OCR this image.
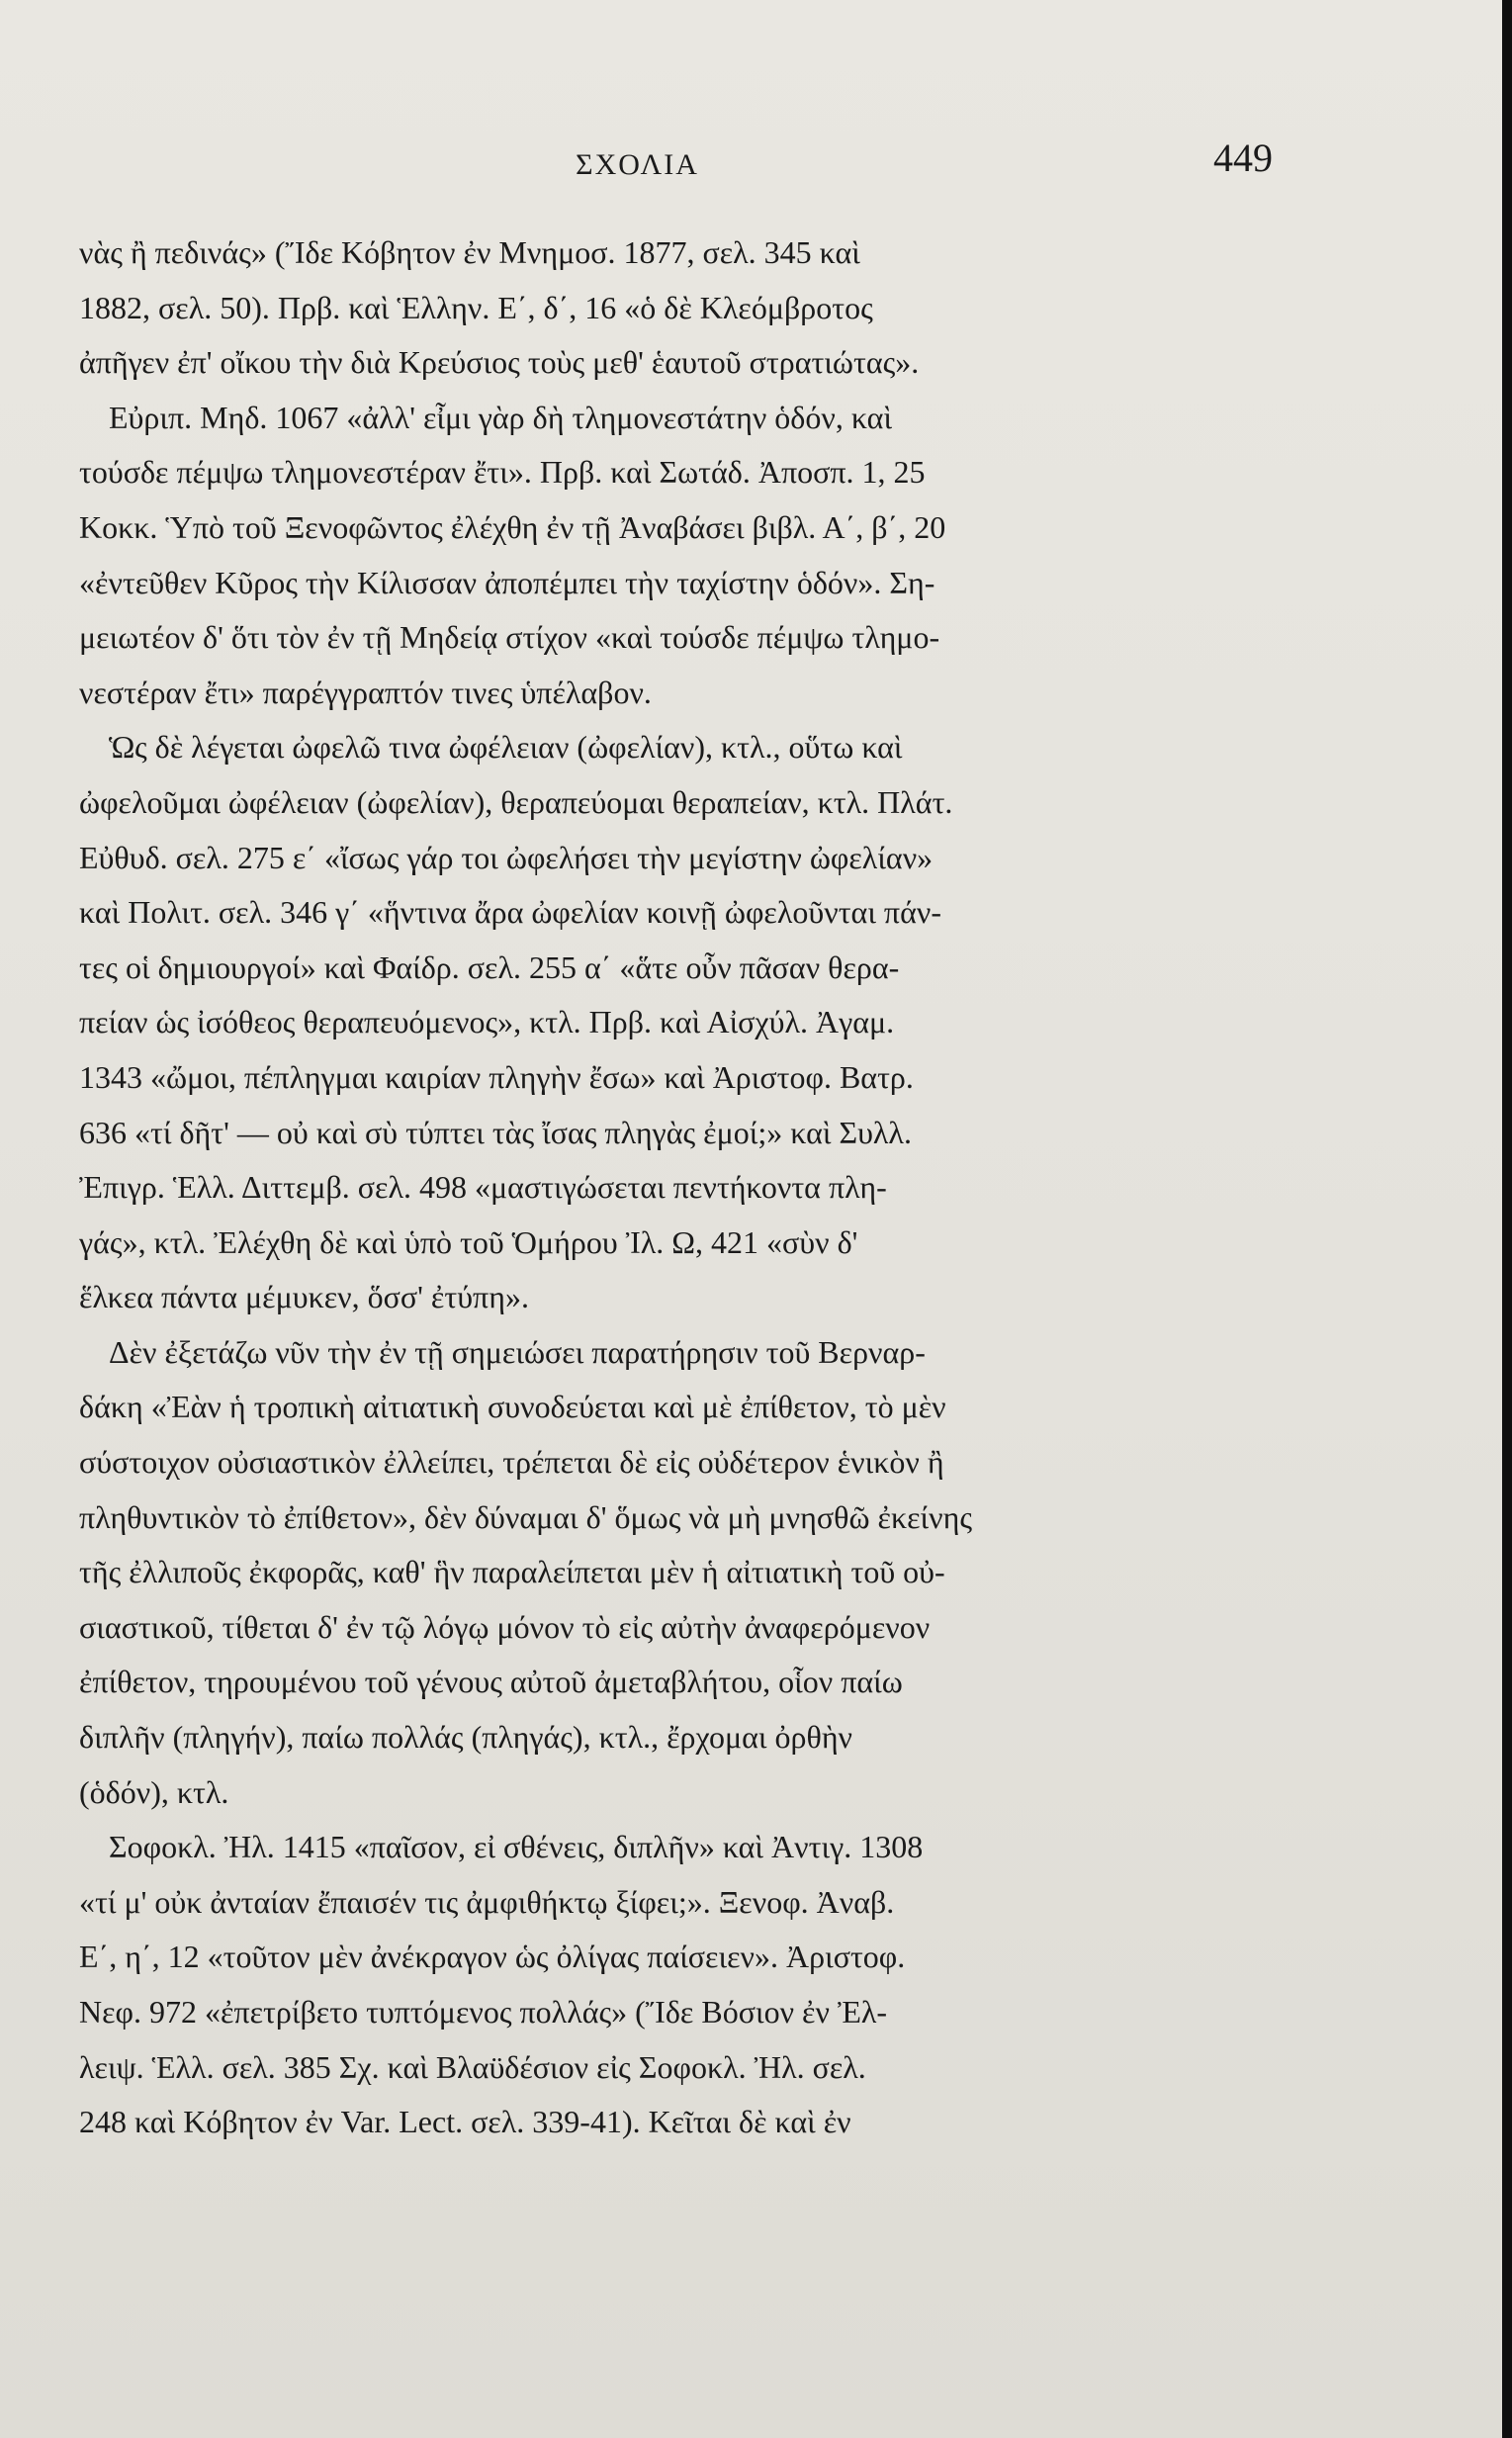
ΣΧΟΛΙΑ	449
νὰς ἢ πεδινάς» (Ἴδε Κόβητον ἐν Μνημοσ. 1877, σελ. 345 καὶ
1882, σελ. 50). Πρβ. καὶ Ἑλλην. Ε΄, δ΄, 16 «ὁ δὲ Κλεόμβροτος
ἀπῆγεν ἐπ' οἴκου τὴν διὰ Κρεύσιος τοὺς μεθ' ἑαυτοῦ στρατιώτας».
Εὐριπ. Μηδ. 1067 «ἀλλ' εἶμι γὰρ δὴ τλημονεστάτην ὁδόν, καὶ
τούσδε πέμψω τλημονεστέραν ἔτι». Πρβ. καὶ Σωτάδ. Ἀποσπ. 1, 25
Κοκκ. Ὑπὸ τοῦ Ξενοφῶντος ἐλέχθη ἐν τῇ Ἀναβάσει βιβλ. Α΄, β΄, 20
«ἐντεῦθεν Κῦρος τὴν Κίλισσαν ἀποπέμπει τὴν ταχίστην ὁδόν». Ση-
μειωτέον δ' ὅτι τὸν ἐν τῇ Μηδείᾳ στίχον «καὶ τούσδε πέμψω τλημο-
νεστέραν ἔτι» παρέγγραπτόν τινες ὑπέλαβον.
Ὡς δὲ λέγεται ὠφελῶ τινα ὠφέλειαν (ὠφελίαν), κτλ., οὕτω καὶ
ὠφελοῦμαι ὠφέλειαν (ὠφελίαν), θεραπεύομαι θεραπείαν, κτλ. Πλάτ.
Εὐθυδ. σελ. 275 ε΄ «ἴσως γάρ τοι ὠφελήσει τὴν μεγίστην ὠφελίαν»
καὶ Πολιτ. σελ. 346 γ΄ «ἥντινα ἄρα ὠφελίαν κοινῇ ὠφελοῦνται πάν-
τες οἱ δημιουργοί» καὶ Φαίδρ. σελ. 255 α΄ «ἅτε οὖν πᾶσαν θερα-
πείαν ὡς ἰσόθεος θεραπευόμενος», κτλ. Πρβ. καὶ Αἰσχύλ. Ἀγαμ.
1343 «ὤμοι, πέπληγμαι καιρίαν πληγὴν ἔσω» καὶ Ἀριστοφ. Βατρ.
636 «τί δῆτ' — οὐ καὶ σὺ τύπτει τὰς ἴσας πληγὰς ἐμοί;» καὶ Συλλ.
Ἐπιγρ. Ἑλλ. Διττεμβ. σελ. 498 «μαστιγώσεται πεντήκοντα πλη-
γάς», κτλ. Ἐλέχθη δὲ καὶ ὑπὸ τοῦ Ὁμήρου Ἰλ. Ω, 421 «σὺν δ'
ἕλκεα πάντα μέμυκεν, ὅσσ' ἐτύπη».
Δὲν ἐξετάζω νῦν τὴν ἐν τῇ σημειώσει παρατήρησιν τοῦ Βερναρ-
δάκη «Ἐὰν ἡ τροπικὴ αἰτιατικὴ συνοδεύεται καὶ μὲ ἐπίθετον, τὸ μὲν
σύστοιχον οὐσιαστικὸν ἐλλείπει, τρέπεται δὲ εἰς οὐδέτερον ἑνικὸν ἢ
πληθυντικὸν τὸ ἐπίθετον», δὲν δύναμαι δ' ὅμως νὰ μὴ μνησθῶ ἐκείνης
τῆς ἐλλιποῦς ἐκφορᾶς, καθ' ἣν παραλείπεται μὲν ἡ αἰτιατικὴ τοῦ οὐ-
σιαστικοῦ, τίθεται δ' ἐν τῷ λόγῳ μόνον τὸ εἰς αὐτὴν ἀναφερόμενον
ἐπίθετον, τηρουμένου τοῦ γένους αὐτοῦ ἀμεταβλήτου, οἷον παίω
διπλῆν (πληγήν), παίω πολλάς (πληγάς), κτλ., ἔρχομαι ὀρθὴν
(ὁδόν), κτλ.
Σοφοκλ. Ἠλ. 1415 «παῖσον, εἰ σθένεις, διπλῆν» καὶ Ἀντιγ. 1308
«τί μ' οὐκ ἀνταίαν ἔπαισέν τις ἀμφιθήκτῳ ξίφει;». Ξενοφ. Ἀναβ.
Ε΄, η΄, 12 «τοῦτον μὲν ἀνέκραγον ὡς ὀλίγας παίσειεν». Ἀριστοφ.
Νεφ. 972 «ἐπετρίβετο τυπτόμενος πολλάς» (Ἴδε Βόσιον ἐν Ἐλ-
λειψ. Ἑλλ. σελ. 385 Σχ. καὶ Βλαϋδέσιον εἰς Σοφοκλ. Ἠλ. σελ.
248 καὶ Κόβητον ἐν Var. Lect. σελ. 339-41). Κεῖται δὲ καὶ ἐν
